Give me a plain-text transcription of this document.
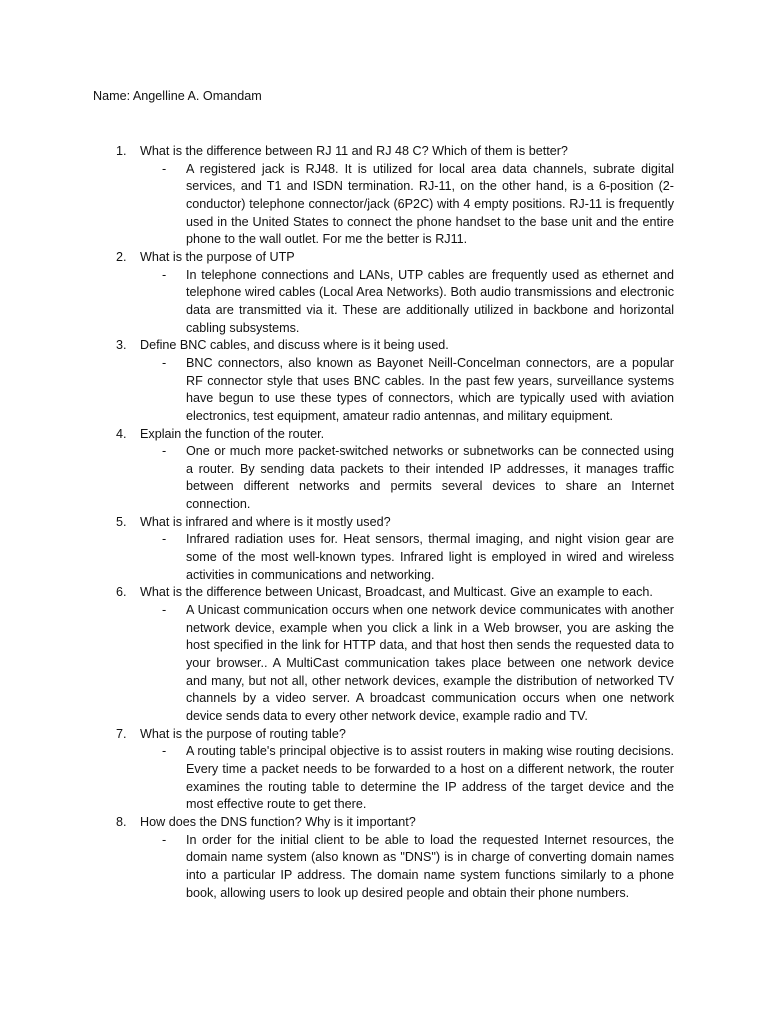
Name: Angelline A. Omandam
1. What is the difference between RJ 11 and RJ 48 C? Which of them is better?
- A registered jack is RJ48. It is utilized for local area data channels, subrate digital services, and T1 and ISDN termination. RJ-11, on the other hand, is a 6-position (2-conductor) telephone connector/jack (6P2C) with 4 empty positions. RJ-11 is frequently used in the United States to connect the phone handset to the base unit and the entire phone to the wall outlet. For me the better is RJ11.
2. What is the purpose of UTP
- In telephone connections and LANs, UTP cables are frequently used as ethernet and telephone wired cables (Local Area Networks). Both audio transmissions and electronic data are transmitted via it. These are additionally utilized in backbone and horizontal cabling subsystems.
3. Define BNC cables, and discuss where is it being used.
- BNC connectors, also known as Bayonet Neill-Concelman connectors, are a popular RF connector style that uses BNC cables. In the past few years, surveillance systems have begun to use these types of connectors, which are typically used with aviation electronics, test equipment, amateur radio antennas, and military equipment.
4. Explain the function of the router.
- One or much more packet-switched networks or subnetworks can be connected using a router. By sending data packets to their intended IP addresses, it manages traffic between different networks and permits several devices to share an Internet connection.
5. What is infrared and where is it mostly used?
- Infrared radiation uses for. Heat sensors, thermal imaging, and night vision gear are some of the most well-known types. Infrared light is employed in wired and wireless activities in communications and networking.
6. What is the difference between Unicast, Broadcast, and Multicast. Give an example to each.
- A Unicast communication occurs when one network device communicates with another network device, example when you click a link in a Web browser, you are asking the host specified in the link for HTTP data, and that host then sends the requested data to your browser.. A MultiCast communication takes place between one network device and many, but not all, other network devices, example the distribution of networked TV channels by a video server. A broadcast communication occurs when one network device sends data to every other network device, example radio and TV.
7. What is the purpose of routing table?
- A routing table's principal objective is to assist routers in making wise routing decisions. Every time a packet needs to be forwarded to a host on a different network, the router examines the routing table to determine the IP address of the target device and the most effective route to get there.
8. How does the DNS function? Why is it important?
- In order for the initial client to be able to load the requested Internet resources, the domain name system (also known as "DNS") is in charge of converting domain names into a particular IP address. The domain name system functions similarly to a phone book, allowing users to look up desired people and obtain their phone numbers.
